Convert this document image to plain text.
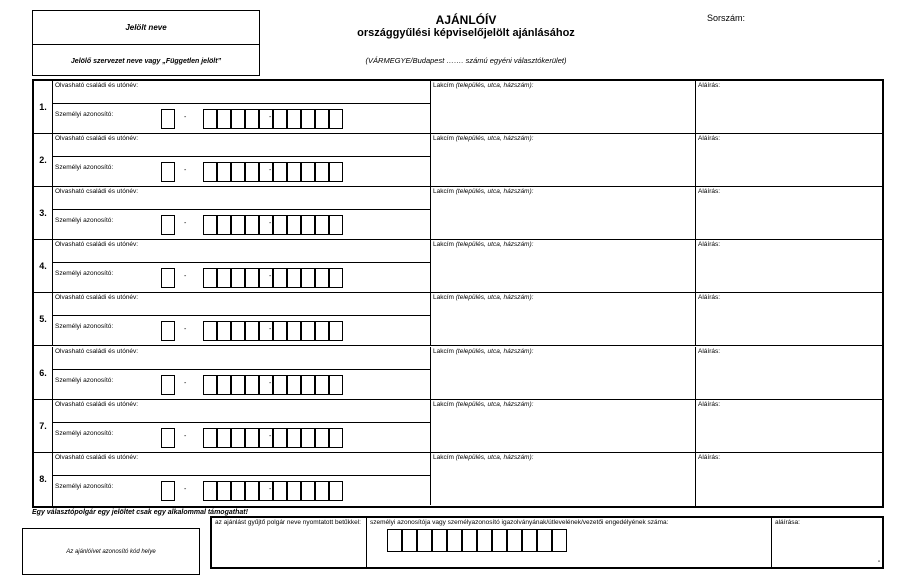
Jelölt neve
Jelölő szervezet neve vagy „Független jelölt”
AJÁNLÓÍV
országgyűlési képviselőjelölt ajánlásához
(VÁRMEGYE/Budapest ……. számú egyéni választókerület)
Sorszám:
1.
Olvasható családi és utónév:
Személyi azonosító:	-	-
Lakcím (település, utca, házszám):	Aláírás:
2.
Olvasható családi és utónév:
Személyi azonosító:	-	-
Lakcím (település, utca, házszám):	Aláírás:
3.
Olvasható családi és utónév:
Személyi azonosító:	-	-
Lakcím (település, utca, házszám):	Aláírás:
4.
Olvasható családi és utónév:
Személyi azonosító:	-	-
Lakcím (település, utca, házszám):	Aláírás:
5.
Olvasható családi és utónév:
Személyi azonosító:	-	-
Lakcím (település, utca, házszám):	Aláírás:
6.
Olvasható családi és utónév:
Személyi azonosító:	-	-
Lakcím (település, utca, házszám):	Aláírás:
7.
Olvasható családi és utónév:
Személyi azonosító:	-	-
Lakcím (település, utca, házszám):	Aláírás:
8.
Olvasható családi és utónév:
Személyi azonosító:	-	-
Lakcím (település, utca, házszám):	Aláírás:
Egy választópolgár egy jelöltet csak egy alkalommal támogathat!
Az ajánlóívet azonosító kód helye
az ajánlást gyűjtő polgár neve nyomtatott betűkkel:	személyi azonosítója vagy személyazonosító igazolványának/útlevelének/vezetői engedélyének száma:	aláírása:
"
